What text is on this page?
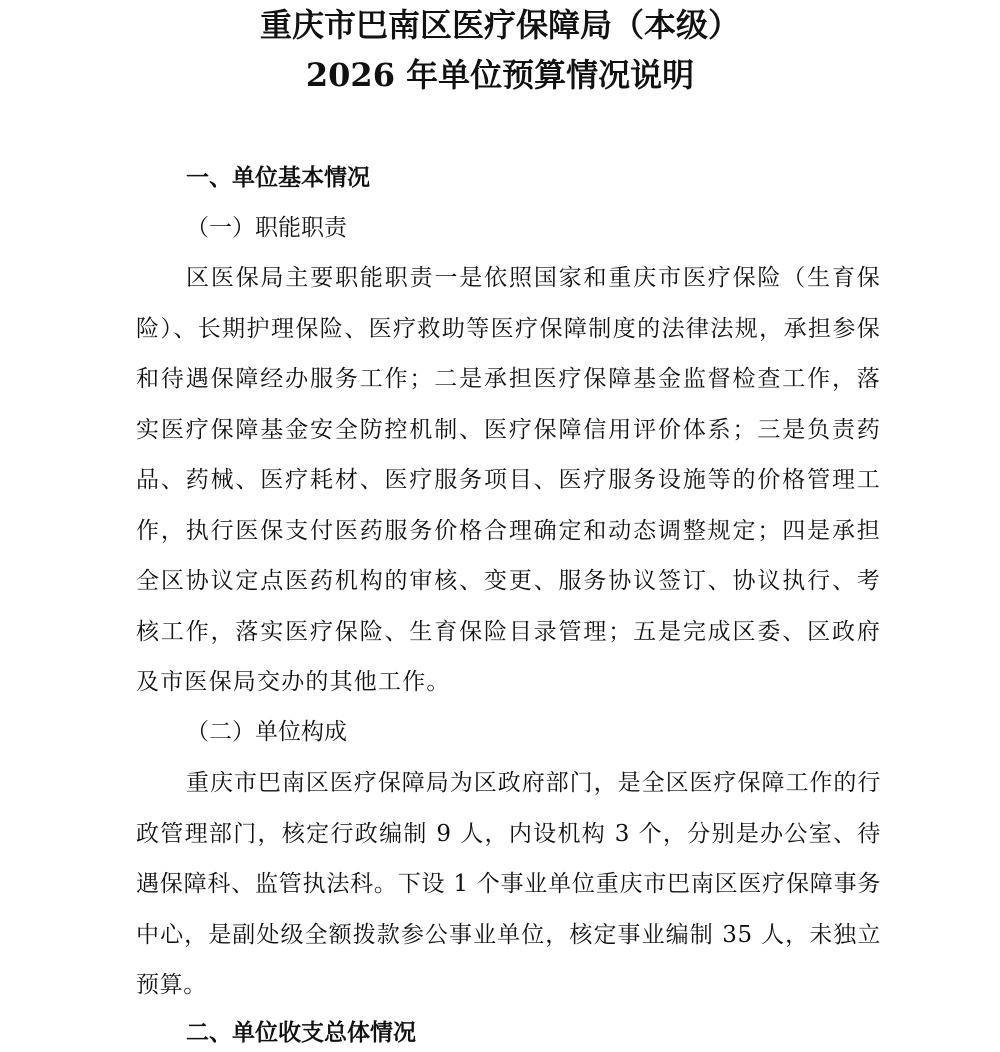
重庆市巴南区医疗保障局（本级）
2026 年单位预算情况说明
一、单位基本情况
（一）职能职责
区医保局主要职能职责一是依照国家和重庆市医疗保险（生育保险）、长期护理保险、医疗救助等医疗保障制度的法律法规，承担参保和待遇保障经办服务工作；二是承担医疗保障基金监督检查工作，落实医疗保障基金安全防控机制、医疗保障信用评价体系；三是负责药品、药械、医疗耗材、医疗服务项目、医疗服务设施等的价格管理工作，执行医保支付医药服务价格合理确定和动态调整规定；四是承担全区协议定点医药机构的审核、变更、服务协议签订、协议执行、考核工作，落实医疗保险、生育保险目录管理；五是完成区委、区政府及市医保局交办的其他工作。
（二）单位构成
重庆市巴南区医疗保障局为区政府部门，是全区医疗保障工作的行政管理部门，核定行政编制 9 人，内设机构 3 个，分别是办公室、待遇保障科、监管执法科。下设 1 个事业单位重庆市巴南区医疗保障事务中心，是副处级全额拨款参公事业单位，核定事业编制 35 人，未独立预算。
二、单位收支总体情况
